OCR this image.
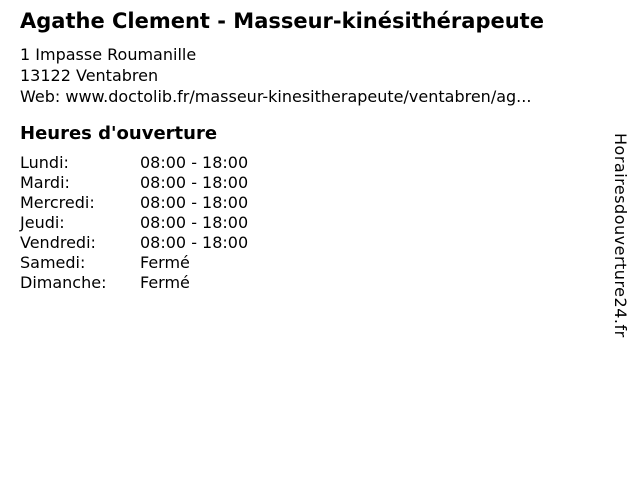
Agathe Clement - Masseur-kinésithérapeute
1 Impasse Roumanille
13122 Ventabren
Web: www.doctolib.fr/masseur-kinesitherapeute/ventabren/ag...
Heures d'ouverture
Lundi:	08:00 - 18:00
Mardi:	08:00 - 18:00
Mercredi:	08:00 - 18:00
Jeudi:	08:00 - 18:00
Vendredi:	08:00 - 18:00
Samedi:	Fermé
Dimanche:	Fermé	Horairesdouverture24.fr
